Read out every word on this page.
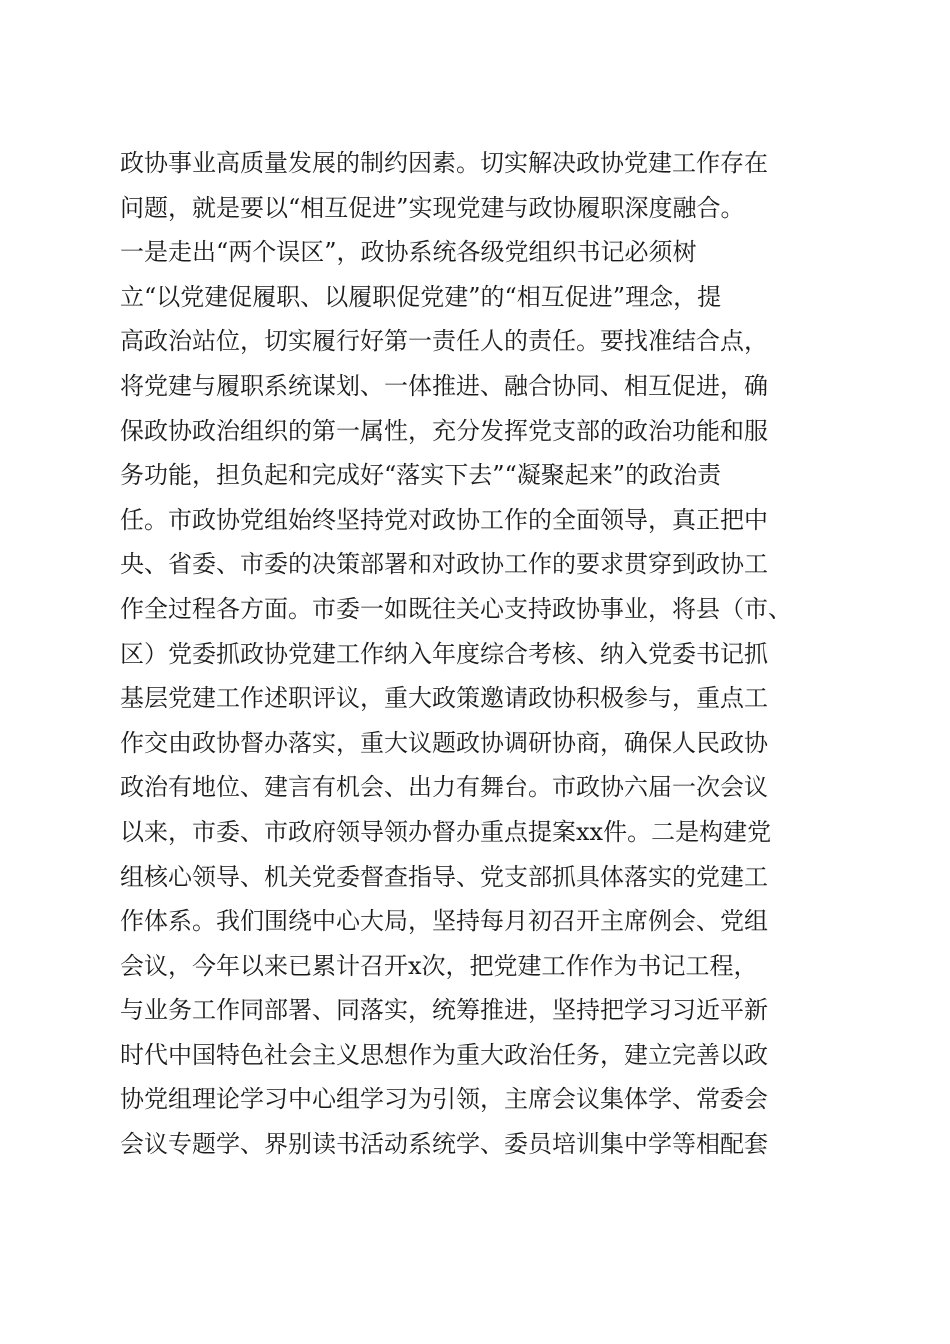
政协事业高质量发展的制约因素。切实解决政协党建工作存在
问题，就是要以“相互促进”实现党建与政协履职深度融合。
一是走出“两个误区”，政协系统各级党组织书记必须树
立“以党建促履职、以履职促党建”的“相互促进”理念，提
高政治站位，切实履行好第一责任人的责任。要找准结合点，
将党建与履职系统谋划、一体推进、融合协同、相互促进，确
保政协政治组织的第一属性，充分发挥党支部的政治功能和服
务功能，担负起和完成好“落实下去”“凝聚起来”的政治责
任。市政协党组始终坚持党对政协工作的全面领导，真正把中
央、省委、市委的决策部署和对政协工作的要求贯穿到政协工
作全过程各方面。市委一如既往关心支持政协事业，将县（市、
区）党委抓政协党建工作纳入年度综合考核、纳入党委书记抓
基层党建工作述职评议，重大政策邀请政协积极参与，重点工
作交由政协督办落实，重大议题政协调研协商，确保人民政协
政治有地位、建言有机会、出力有舞台。市政协六届一次会议
以来，市委、市政府领导领办督办重点提案xx件。二是构建党
组核心领导、机关党委督查指导、党支部抓具体落实的党建工
作体系。我们围绕中心大局，坚持每月初召开主席例会、党组
会议，今年以来已累计召开x次，把党建工作作为书记工程，
与业务工作同部署、同落实，统筹推进，坚持把学习习近平新
时代中国特色社会主义思想作为重大政治任务，建立完善以政
协党组理论学习中心组学习为引领，主席会议集体学、常委会
会议专题学、界别读书活动系统学、委员培训集中学等相配套
